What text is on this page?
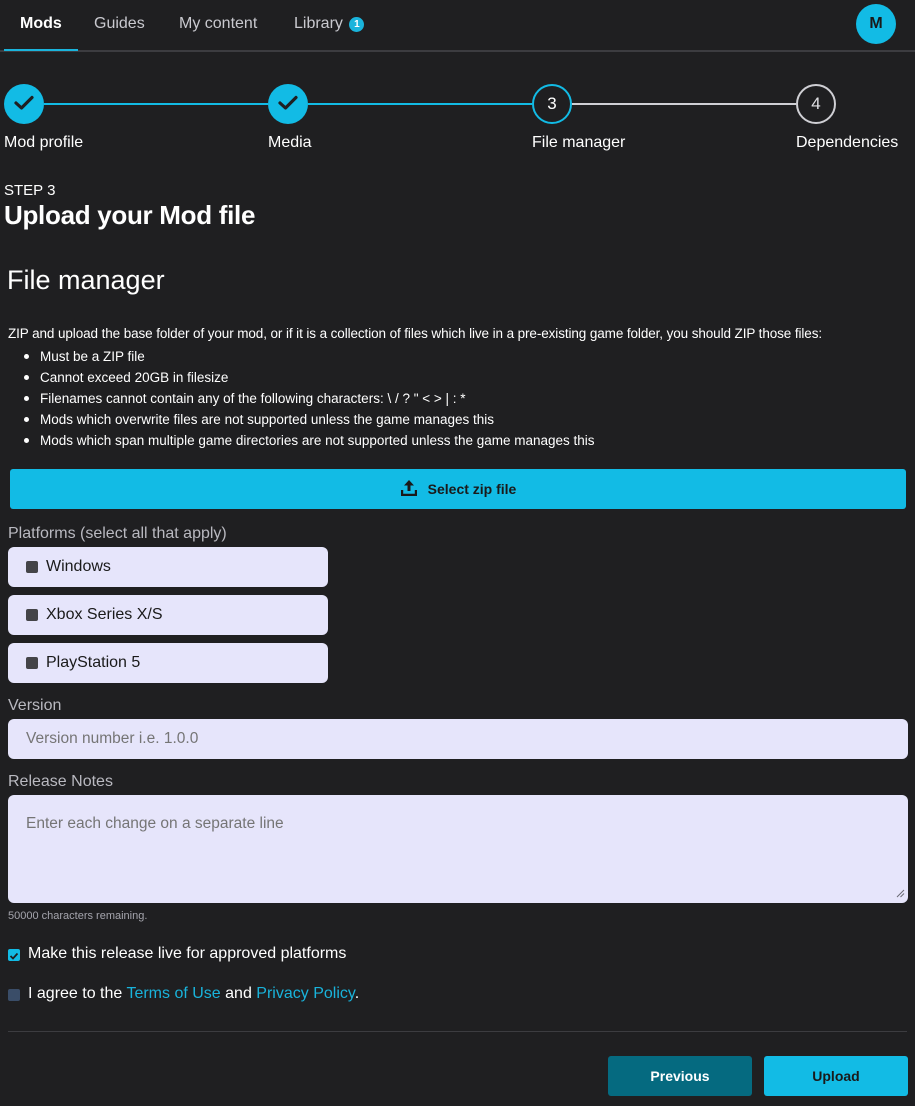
Mods Guides My content Library 1	M
3	4
Mod profile	Media	File manager	Dependencies
STEP 3
Upload your Mod file
File manager
ZIP and upload the base folder of your mod, or if it is a collection of files which live in a pre-existing game folder, you should ZIP those files:
Must be a ZIP file
Cannot exceed 20GB in filesize
Filenames cannot contain any of the following characters: \ / ? " < > | : *
Mods which overwrite files are not supported unless the game manages this
Mods which span multiple game directories are not supported unless the game manages this
Select zip file
Platforms (select all that apply)
Windows
Xbox Series X/S
PlayStation 5
Version
Version number i.e. 1.0.0
Release Notes
Enter each change on a separate line
50000 characters remaining.
Make this release live for approved platforms
I agree to the Terms of Use and Privacy Policy.
Previous	Upload
